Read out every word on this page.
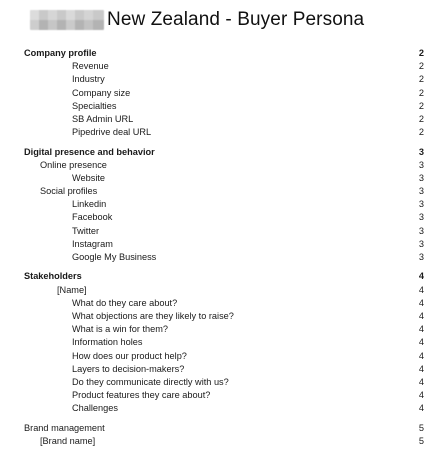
New Zealand - Buyer Persona
Company profile	2
Revenue	2
Industry	2
Company size	2
Specialties	2
SB Admin URL	2
Pipedrive deal URL	2
Digital presence and behavior	3
Online presence	3
Website	3
Social profiles	3
Linkedin	3
Facebook	3
Twitter	3
Instagram	3
Google My Business	3
Stakeholders	4
[Name]	4
What do they care about?	4
What objections are they likely to raise?	4
What is a win for them?	4
Information holes	4
How does our product help?	4
Layers to decision-makers?	4
Do they communicate directly with us?	4
Product features they care about?	4
Challenges	4
Brand management	5
[Brand name]	5
